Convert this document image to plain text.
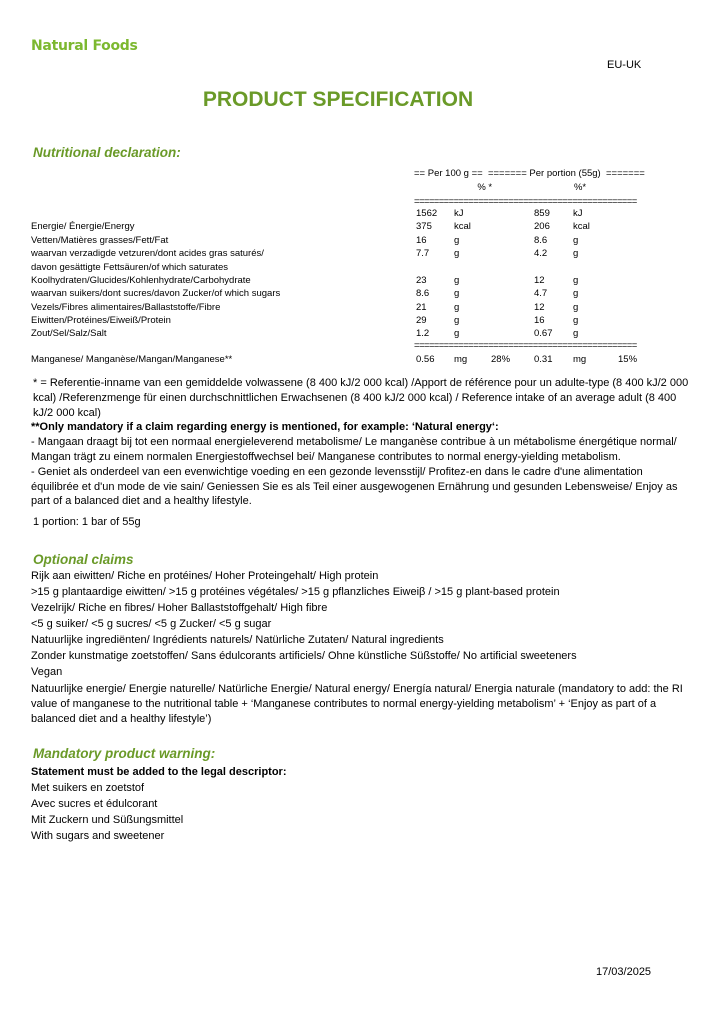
Natural Foods
EU-UK
PRODUCT SPECIFICATION
Nutritional declaration:
== Per 100 g ==  ======= Per portion (55g)  =======
% *                               %*
=============================================
1562 kJ	859 kJ
Energie/ Énergie/Energy	375 kcal	206 kcal
Vetten/Matières grasses/Fett/Fat	16	g	8.6	g
waarvan verzadigde vetzuren/dont acides gras saturés/	7.7	g	4.2	g
davon gesättigte Fettsäuren/of which saturates
Koolhydraten/Glucides/Kohlenhydrate/Carbohydrate	23	g	12	g
waarvan suikers/dont sucres/davon Zucker/of which sugars	8.6	g	4.7	g
Vezels/Fibres alimentaires/Ballaststoffe/Fibre	21	g	12	g
Eiwitten/Protéines/Eiweiß/Protein	29	g	16	g
Zout/Sel/Salz/Salt	1.2	g	0.67 g
=============================================
Manganese/ Manganèse/Mangan/Manganese**	0.56 mg	28%	0.31 mg	15%
* = Referentie-inname van een gemiddelde volwassene (8 400 kJ/2 000 kcal) /Apport de référence pour un adulte-type (8 400 kJ/2 000 kcal) /Referenzmenge für einen durchschnittlichen Erwachsenen (8 400 kJ/2 000 kcal) / Reference intake of an average adult (8 400 kJ/2 000 kcal)
**Only mandatory if a claim regarding energy is mentioned, for example: ‘Natural energy‘:
- Mangaan draagt bij tot een normaal energieleverend metabolisme/ Le manganèse contribue à un métabolisme énergétique normal/ Mangan trägt zu einem normalen Energiestoffwechsel bei/ Manganese contributes to normal energy-yielding metabolism.
- Geniet als onderdeel van een evenwichtige voeding en een gezonde levensstijl/ Profitez-en dans le cadre d'une alimentation équilibrée et d'un mode de vie sain/ Geniessen Sie es als Teil einer ausgewogenen Ernährung und gesunden Lebensweise/ Enjoy as part of a balanced diet and a healthy lifestyle.
1 portion: 1 bar of 55g
Optional claims
Rijk aan eiwitten/ Riche en protéines/ Hoher Proteingehalt/ High protein
>15 g plantaardige eiwitten/ >15 g protéines végétales/ >15 g pflanzliches Eiweiβ / >15 g plant-based protein
Vezelrijk/ Riche en fibres/ Hoher Ballaststoffgehalt/ High fibre
<5 g suiker/ <5 g sucres/ <5 g Zucker/ <5 g sugar
Natuurlijke ingrediënten/ Ingrédients naturels/ Natürliche Zutaten/ Natural ingredients
Zonder kunstmatige zoetstoffen/ Sans édulcorants artificiels/ Ohne künstliche Süßstoffe/ No artificial sweeteners
Vegan
Natuurlijke energie/ Energie naturelle/ Natürliche Energie/ Natural energy/ Energía natural/ Energia naturale (mandatory to add: the RI value of manganese to the nutritional table + ‘Manganese contributes to normal energy-yielding metabolism’ + ‘Enjoy as part of a balanced diet and a healthy lifestyle’)
Mandatory product warning:
Statement must be added to the legal descriptor:
Met suikers en zoetstof
Avec sucres et édulcorant
Mit Zuckern und Süßungsmittel
With sugars and sweetener
17/03/2025
